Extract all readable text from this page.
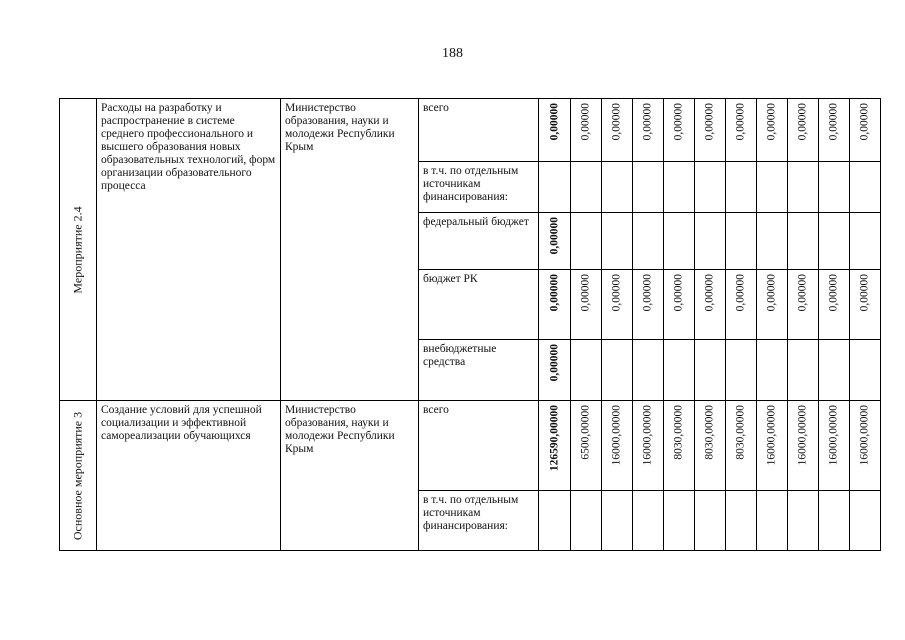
188
Мероприятие 2.4	Расходы на разработку и распространение в системе среднего профессионального и высшего образования новых образовательных технологий, форм организации образовательного процесса	Министерство образования, науки и молодежи Республики Крым	всего	0,00000	0,00000	0,00000	0,00000	0,00000	0,00000	0,00000	0,00000	0,00000	0,00000	0,00000

			в т.ч. по отдельным источникам финансирования:											

			федеральный бюджет	0,00000										

			бюджет РК	0,00000	0,00000	0,00000	0,00000	0,00000	0,00000	0,00000	0,00000	0,00000	0,00000	0,00000

			внебюджетные средства	0,00000										

Основное мероприятие 3	Создание условий для успешной социализации и эффективной самореализации обучающихся	Министерство образования, науки и молодежи Республики Крым	всего	126590,00000	6500,00000	16000,00000	16000,00000	8030,00000	8030,00000	8030,00000	16000,00000	16000,00000	16000,00000	16000,00000

			в т.ч. по отдельным источникам финансирования:											
